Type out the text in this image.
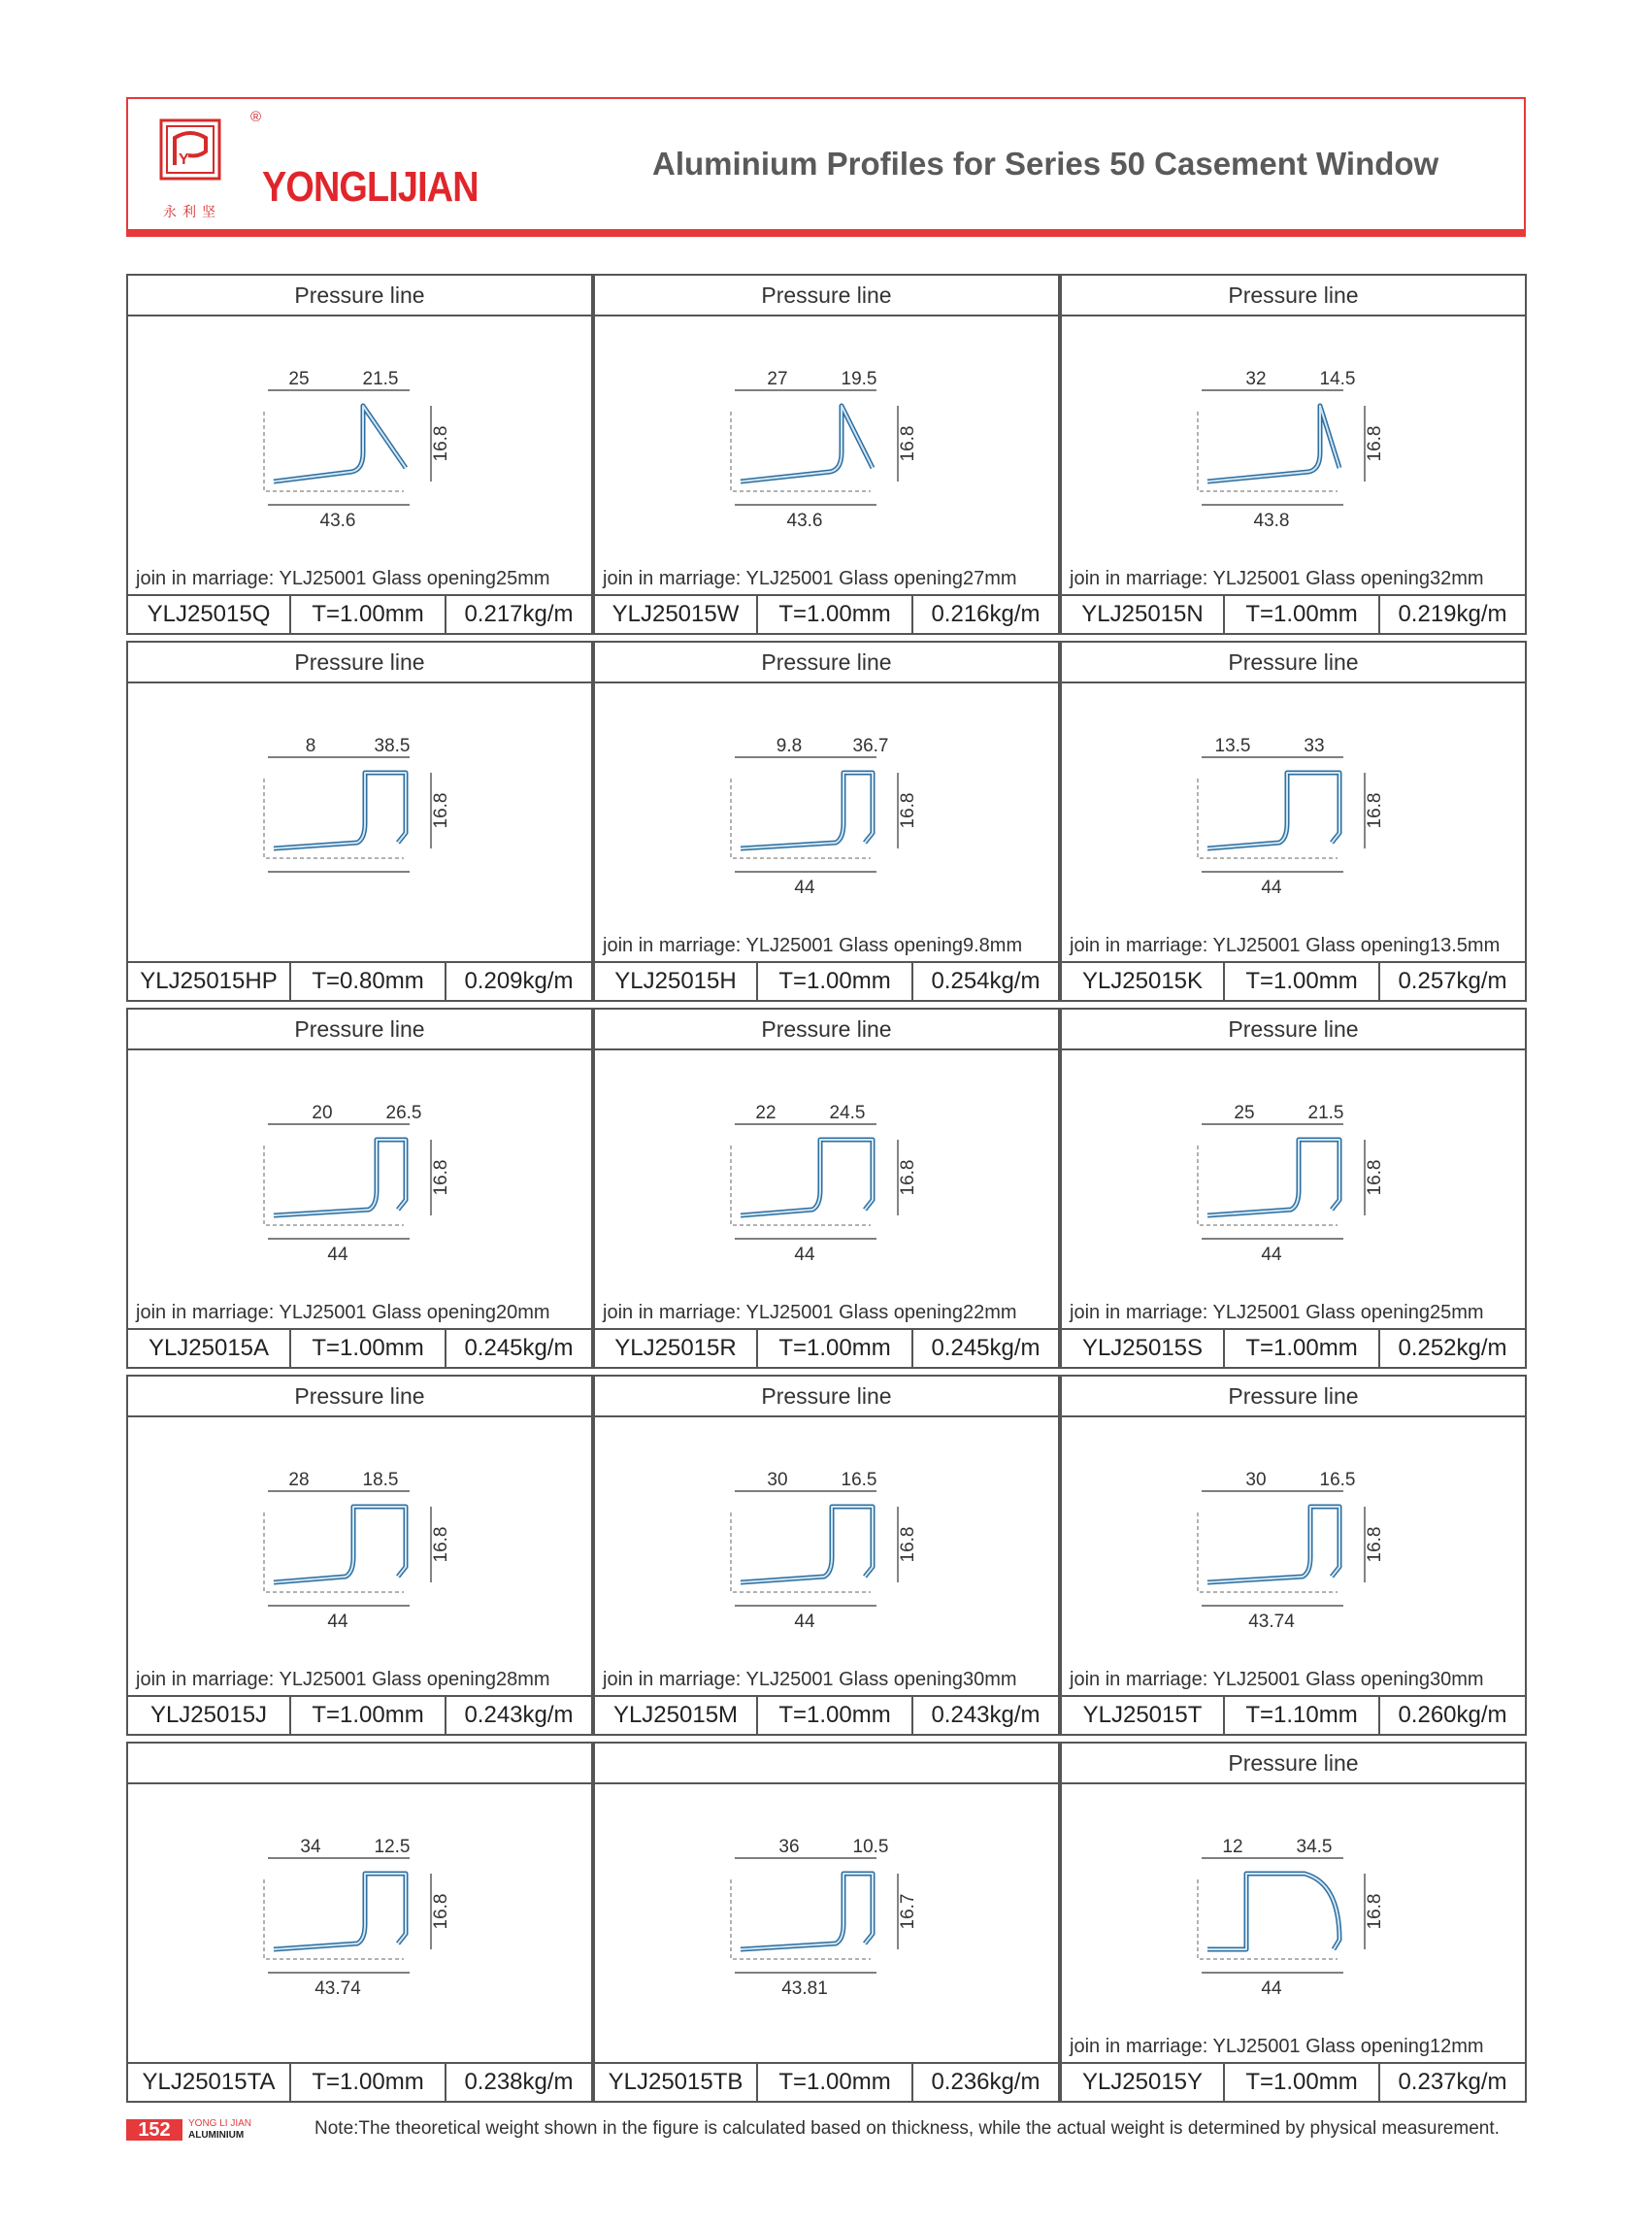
Y
永利坚
®
YONGLIJIAN	Aluminium Profiles for Series 50 Casement Window
Pressure line
25	21.5
43.6
16.8
join in marriage: YLJ25001 Glass opening25mm
YLJ25015Q	T=1.00mm	0.217kg/m
Pressure line
27	19.5
43.6
16.8
join in marriage: YLJ25001 Glass opening27mm
YLJ25015W	T=1.00mm	0.216kg/m
Pressure line
32	14.5
43.8
16.8
join in marriage: YLJ25001 Glass opening32mm
YLJ25015N	T=1.00mm	0.219kg/m
Pressure line
8	38.5
16.8
YLJ25015HP	T=0.80mm	0.209kg/m
Pressure line
9.8	36.7
44
16.8
join in marriage: YLJ25001 Glass opening9.8mm
YLJ25015H	T=1.00mm	0.254kg/m
Pressure line
13.5	33
44
16.8
join in marriage: YLJ25001 Glass opening13.5mm
YLJ25015K	T=1.00mm	0.257kg/m
Pressure line
20	26.5
44
16.8
join in marriage: YLJ25001 Glass opening20mm
YLJ25015A	T=1.00mm	0.245kg/m
Pressure line
22	24.5
44
16.8
join in marriage: YLJ25001 Glass opening22mm
YLJ25015R	T=1.00mm	0.245kg/m
Pressure line
25	21.5
44
16.8
join in marriage: YLJ25001 Glass opening25mm
YLJ25015S	T=1.00mm	0.252kg/m
Pressure line
28	18.5
44
16.8
join in marriage: YLJ25001 Glass opening28mm
YLJ25015J	T=1.00mm	0.243kg/m
Pressure line
30	16.5
44
16.8
join in marriage: YLJ25001 Glass opening30mm
YLJ25015M	T=1.00mm	0.243kg/m
Pressure line
30	16.5
43.74
16.8
join in marriage: YLJ25001 Glass opening30mm
YLJ25015T	T=1.10mm	0.260kg/m
34	12.5
43.74
16.8
YLJ25015TA	T=1.00mm	0.238kg/m
36	10.5
43.81
16.7
YLJ25015TB	T=1.00mm	0.236kg/m
Pressure line
12	34.5
44
16.8
join in marriage: YLJ25001 Glass opening12mm
YLJ25015Y	T=1.00mm	0.237kg/m
152	YONG LI JIAN
ALUMINIUM	Note:The theoretical weight shown in the figure is calculated based on thickness, while the actual weight is determined by physical measurement.
